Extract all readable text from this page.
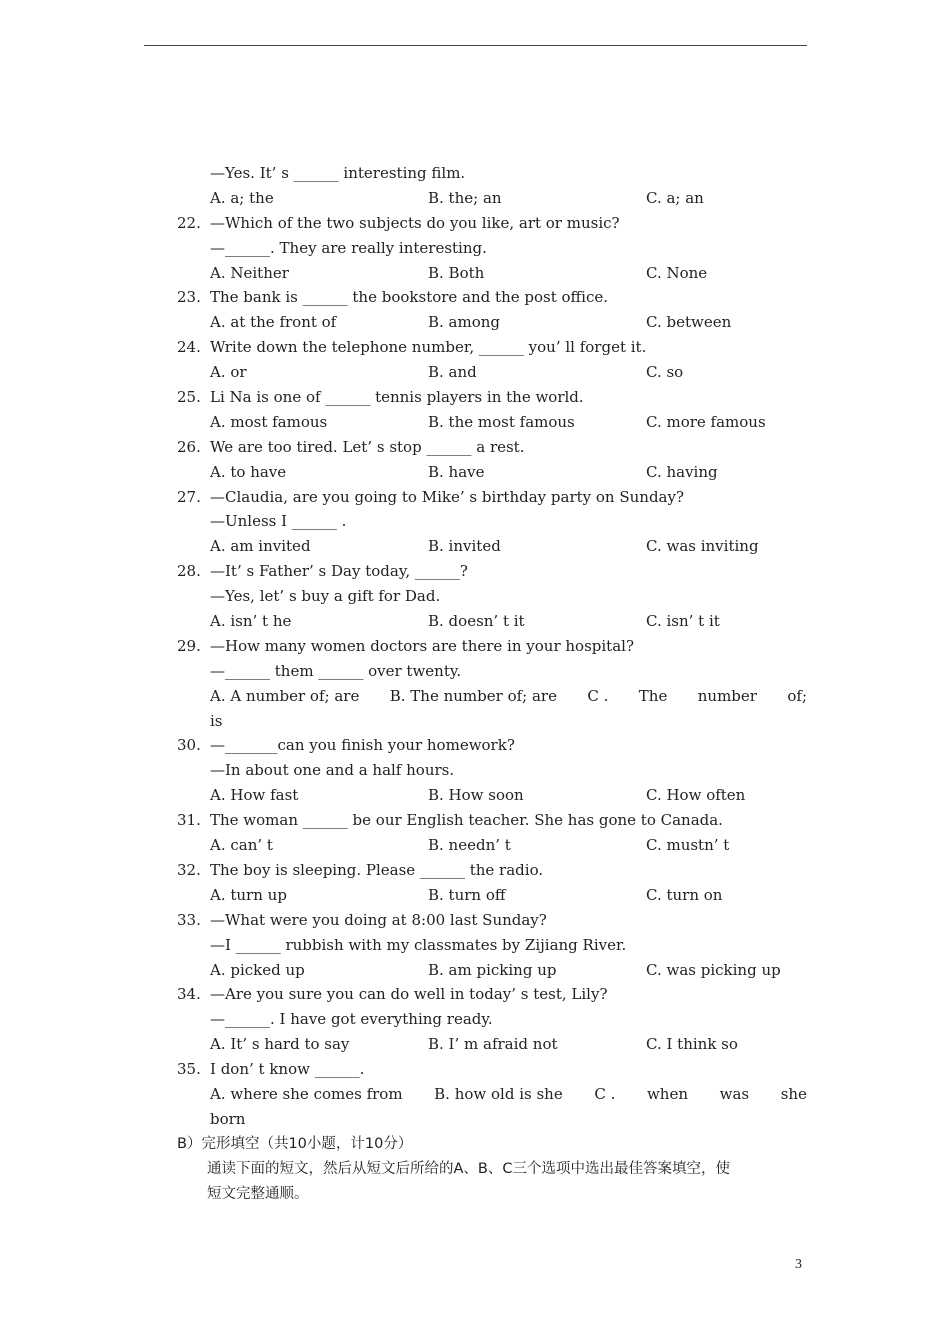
—Yes. It’ s ______ interesting film.
A. a; the	B. the; an	C. a; an
22. —Which of the two subjects do you like, art or music?
—______. They are really interesting.
A. Neither	B. Both	C. None
23. The bank is ______ the bookstore and the post office.
A. at the front of	B. among	C. between
24. Write down the telephone number, ______ you’ ll forget it.
A. or	B. and	C. so
25. Li Na is one of ______ tennis players in the world.
A. most famous	B. the most famous	C. more famous
26. We are too tired. Let’ s stop ______ a rest.
A. to have	B. have	C. having
27. —Claudia, are you going to Mike’ s birthday party on Sunday?
—Unless I ______ .
A. am invited	B. invited	C. was inviting
28. —It’ s Father’ s Day today, ______?
—Yes, let’ s buy a gift for Dad.
A. isn’ t he	B. doesn’ t it	C. isn’ t it
29. —How many women doctors are there in your hospital?
—______ them ______ over twenty.
A. A number of; are B. The number of; are C . The number of;
is
30. —_______can you finish your homework?
—In about one and a half hours.
A. How fast	B. How soon	C. How often
31. The woman ______ be our English teacher. She has gone to Canada.
A. can’ t	B. needn’ t	C. mustn’ t
32. The boy is sleeping. Please ______ the radio.
A. turn up	B. turn off	C. turn on
33. —What were you doing at 8:00 last Sunday?
—I ______ rubbish with my classmates by Zijiang River.
A. picked up	B. am picking up	C. was picking up
34. —Are you sure you can do well in today’ s test, Lily?
—______. I have got everything ready.
A. It’ s hard to say	B. I’ m afraid not	C. I think so
35. I don’ t know ______.
A. where she comes from B. how old is she C . when was she
born
B）完形填空（共10小题，计10分）
通读下面的短文，然后从短文后所给的A、B、C三个选项中选出最佳答案填空，使
短文完整通顺。
3
